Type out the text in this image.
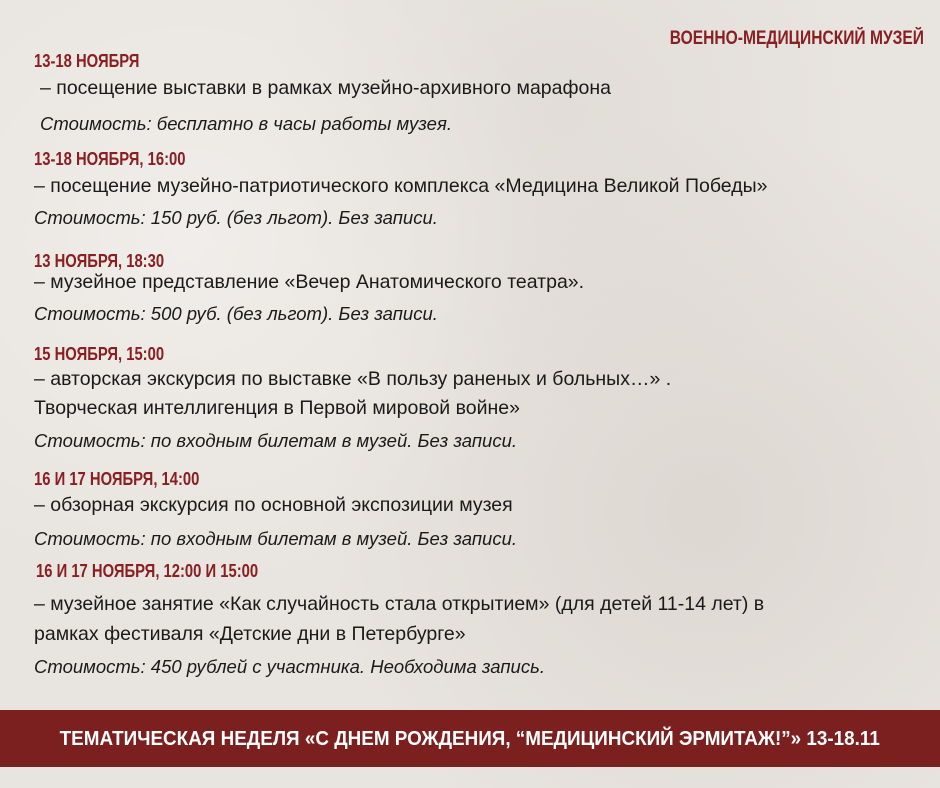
ВОЕННО-МЕДИЦИНСКИЙ МУЗЕЙ
13-18 НОЯБРЯ
– посещение выставки в рамках музейно-архивного марафона
Стоимость: бесплатно в часы работы музея.
13-18 НОЯБРЯ, 16:00
– посещение музейно-патриотического комплекса «Медицина Великой Победы»
Стоимость: 150 руб. (без льгот). Без записи.
13 НОЯБРЯ, 18:30
– музейное представление «Вечер Анатомического театра».
Стоимость: 500 руб. (без льгот). Без записи.
15 НОЯБРЯ, 15:00
– авторская экскурсия по выставке «В пользу раненых и больных…» .
Творческая интеллигенция в Первой мировой войне»
Стоимость: по входным билетам в музей. Без записи.
16 И 17 НОЯБРЯ, 14:00
– обзорная экскурсия по основной экспозиции музея
Стоимость: по входным билетам в музей. Без записи.
16 И 17 НОЯБРЯ, 12:00 И 15:00
– музейное занятие «Как случайность стала открытием» (для детей 11-14 лет) в
рамках фестиваля «Детские дни в Петербурге»
Стоимость: 450 рублей с участника. Необходима запись.
ТЕМАТИЧЕСКАЯ НЕДЕЛЯ «С ДНЕМ РОЖДЕНИЯ, “МЕДИЦИНСКИЙ ЭРМИТАЖ!”» 13-18.11
